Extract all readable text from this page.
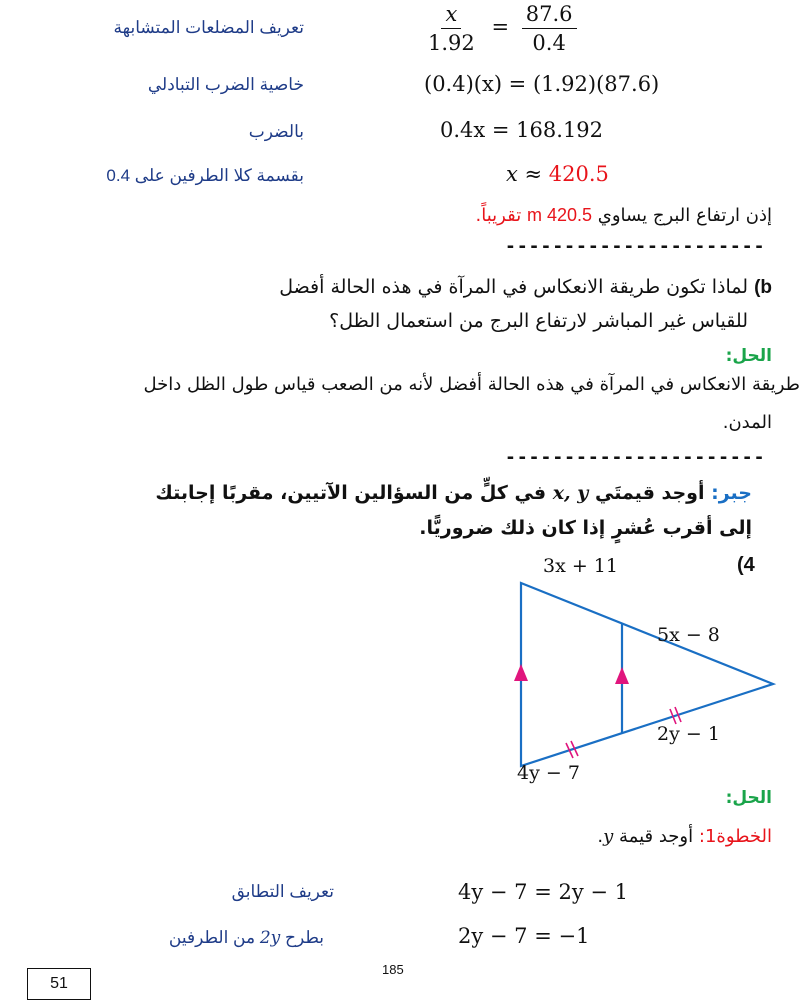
تعريف المضلعات المتشابهة	$\frac{x}{1.92} = \frac{87.6}{0.4}$
خاصية الضرب التبادلي	(0.4)(x) = (1.92)(87.6)
بالضرب	0.4x = 168.192
بقسمة كلا الطرفين على 0.4	x ≈ 420.5
إذن ارتفاع البرج يساوي 420.5 m تقريباً.
----------------------
b) لماذا تكون طريقة الانعكاس في المرآة في هذه الحالة أفضل
للقياس غير المباشر لارتفاع البرج من استعمال الظل؟
الحل:
طريقة الانعكاس في المرآة في هذه الحالة أفضل لأنه من الصعب قياس طول الظل داخل
المدن.
----------------------
جبر: أوجد قيمتَي x, y في كلٍّ من السؤالين الآتيين، مقربًا إجابتك
إلى أقرب عُشرٍ إذا كان ذلك ضروريًّا.
(4
3x + 11
5x − 8
2y − 1
4y − 7
الحل:
الخطوة1: أوجد قيمة y.
تعريف التطابق	4y − 7 = 2y − 1
بطرح 2y من الطرفين	2y − 7 = −1
185
51
